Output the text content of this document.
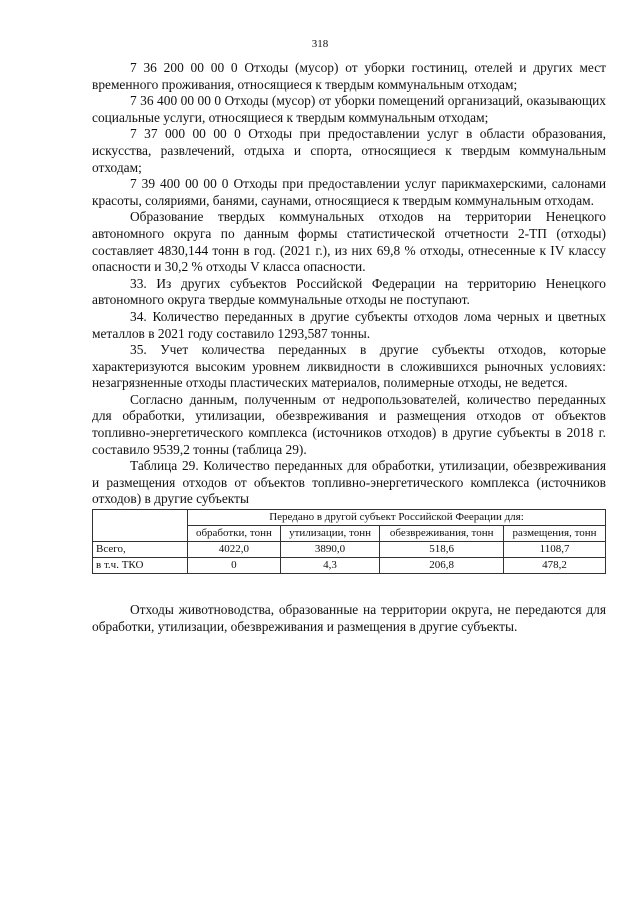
318

7 36 200 00 00 0 Отходы (мусор) от уборки гостиниц, отелей и других мест временного проживания, относящиеся к твердым коммунальным отходам;

7 36 400 00 00 0 Отходы (мусор) от уборки помещений организаций, оказывающих социальные услуги, относящиеся к твердым коммунальным отходам;

7 37 000 00 00 0 Отходы при предоставлении услуг в области образования, искусства, развлечений, отдыха и спорта, относящиеся к твердым коммунальным отходам;

7 39 400 00 00 0 Отходы при предоставлении услуг парикмахерскими, салонами красоты, соляриями, банями, саунами, относящиеся к твердым коммунальным отходам.

Образование твердых коммунальных отходов на территории Ненецкого автономного округа по данным формы статистической отчетности 2-ТП (отходы) составляет 4830,144 тонн в год. (2021 г.), из них 69,8 % отходы, отнесенные к IV классу опасности и 30,2 % отходы V класса опасности.

33. Из других субъектов Российской Федерации на территорию Ненецкого автономного округа твердые коммунальные отходы не поступают.

34. Количество переданных в другие субъекты отходов лома черных и цветных металлов в 2021 году составило 1293,587 тонны.

35. Учет количества переданных в другие субъекты отходов, которые характеризуются высоким уровнем ликвидности в сложившихся рыночных условиях: незагрязненные отходы пластических материалов, полимерные отходы, не ведется.

Согласно данным, полученным от недропользователей, количество переданных для обработки, утилизации, обезвреживания и размещения отходов от объектов топливно-энергетического комплекса (источников отходов) в другие субъекты в 2018 г. составило 9539,2 тонны (таблица 29).

Таблица 29. Количество переданных для обработки, утилизации, обезвреживания и размещения отходов от объектов топливно-энергетического комплекса (источников отходов) в другие субъекты

	Передано в другой субъект Российской Феерации для:			
	обработки, тонн	утилизации, тонн	обезвреживания, тонн	размещения, тонн
Всего,	4022,0	3890,0	518,6	1108,7
в т.ч. ТКО	0	4,3	206,8	478,2

Отходы животноводства, образованные на территории округа, не передаются для обработки, утилизации, обезвреживания и размещения в другие субъекты.
